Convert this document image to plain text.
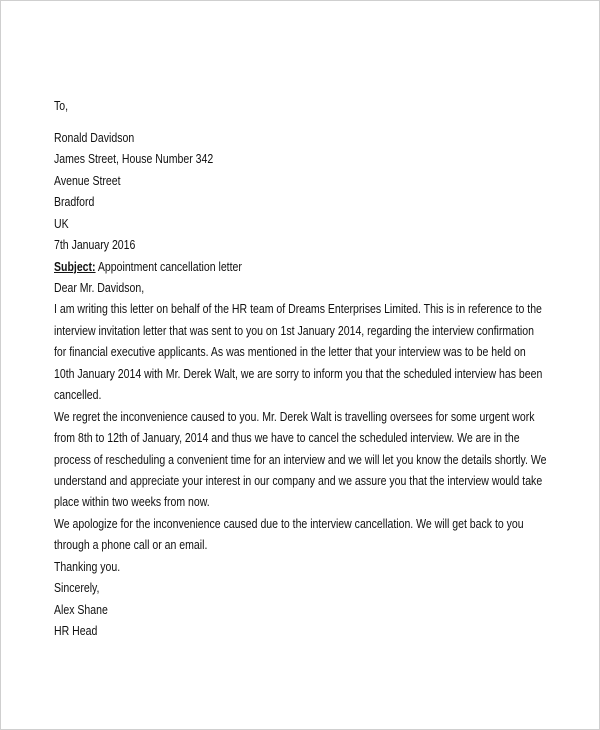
To,
Ronald Davidson
James Street, House Number 342
Avenue Street
Bradford
UK
7th January 2016
Subject: Appointment cancellation letter
Dear Mr. Davidson,
I am writing this letter on behalf of the HR team of Dreams Enterprises Limited. This is in reference to the
interview invitation letter that was sent to you on 1st January 2014, regarding the interview confirmation
for financial executive applicants. As was mentioned in the letter that your interview was to be held on
10th January 2014 with Mr. Derek Walt, we are sorry to inform you that the scheduled interview has been
cancelled.
We regret the inconvenience caused to you. Mr. Derek Walt is travelling oversees for some urgent work
from 8th to 12th of January, 2014 and thus we have to cancel the scheduled interview. We are in the
process of rescheduling a convenient time for an interview and we will let you know the details shortly. We
understand and appreciate your interest in our company and we assure you that the interview would take
place within two weeks from now.
We apologize for the inconvenience caused due to the interview cancellation. We will get back to you
through a phone call or an email.
Thanking you.
Sincerely,
Alex Shane
HR Head
